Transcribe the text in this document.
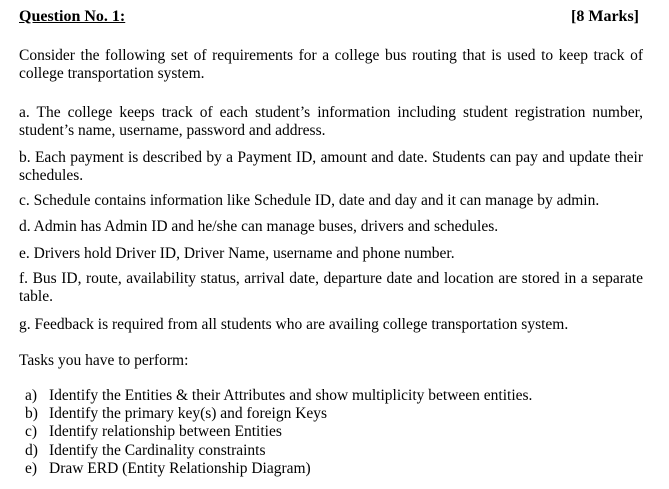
Question No. 1:	[8 Marks]

Consider the following set of requirements for a college bus routing that is used to keep track of college transportation system.

a. The college keeps track of each student’s information including student registration number, student’s name, username, password and address.

b. Each payment is described by a Payment ID, amount and date. Students can pay and update their schedules.

c. Schedule contains information like Schedule ID, date and day and it can manage by admin.

d. Admin has Admin ID and he/she can manage buses, drivers and schedules.

e. Drivers hold Driver ID, Driver Name, username and phone number.

f. Bus ID, route, availability status, arrival date, departure date and location are stored in a separate table.

g. Feedback is required from all students who are availing college transportation system.

Tasks you have to perform:

a) Identify the Entities & their Attributes and show multiplicity between entities.
b) Identify the primary key(s) and foreign Keys
c) Identify relationship between Entities
d) Identify the Cardinality constraints
e) Draw ERD (Entity Relationship Diagram)
